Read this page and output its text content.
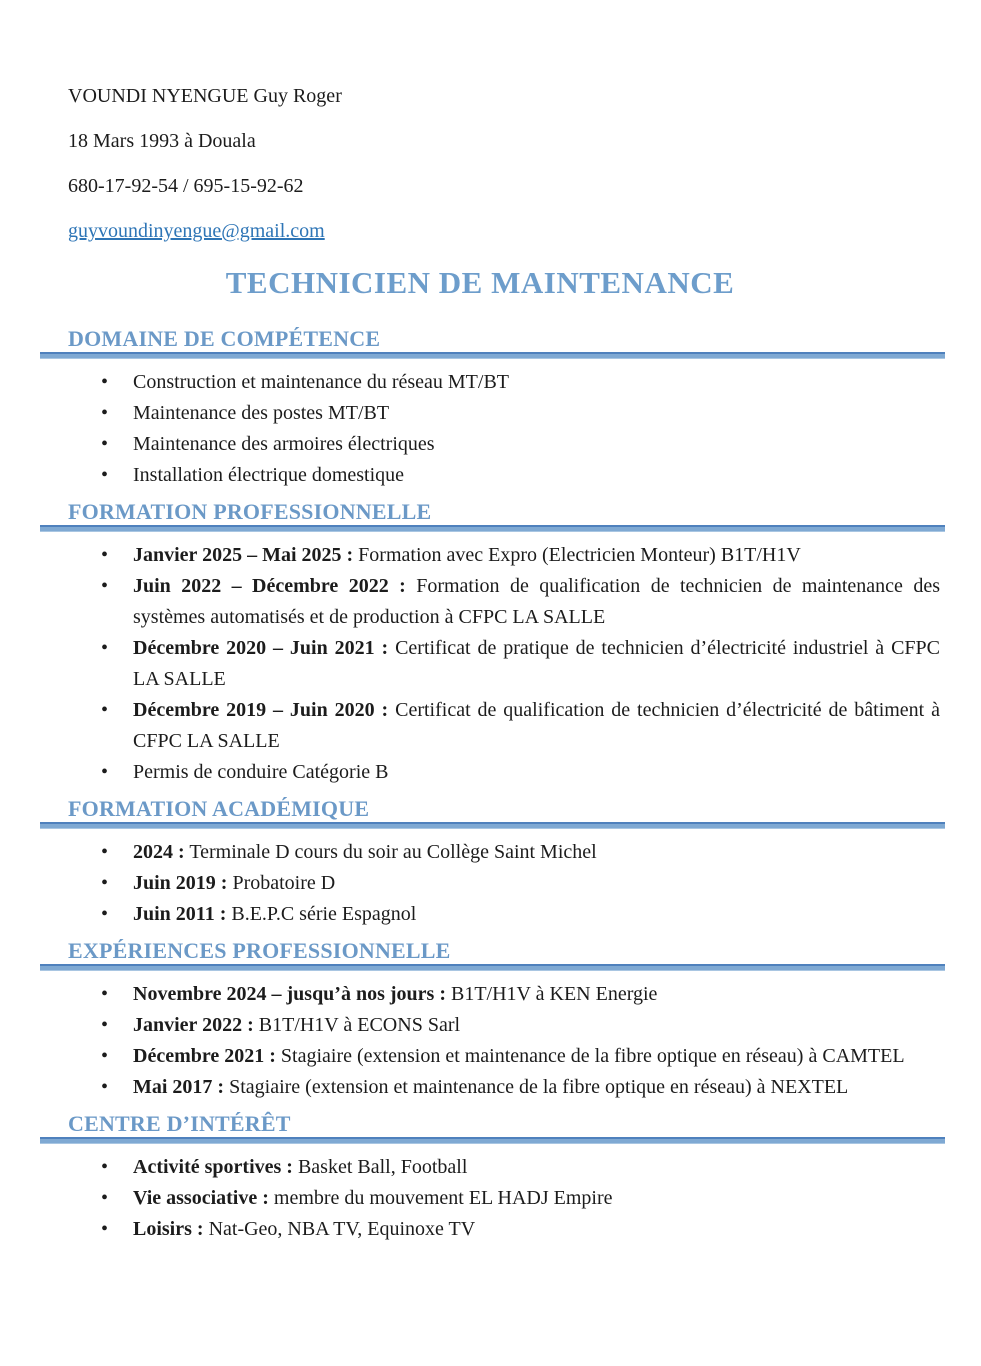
VOUNDI NYENGUE Guy Roger

18 Mars 1993 à Douala

680-17-92-54 / 695-15-92-62

guyvoundinyengue@gmail.com

TECHNICIEN DE MAINTENANCE
DOMAINE DE COMPÉTENCE
• Construction et maintenance du réseau MT/BT
• Maintenance des postes MT/BT
• Maintenance des armoires électriques
• Installation électrique domestique
FORMATION PROFESSIONNELLE
• Janvier 2025 – Mai 2025 : Formation avec Expro (Electricien Monteur) B1T/H1V
• Juin 2022 – Décembre 2022 : Formation de qualification de technicien de maintenance des systèmes automatisés et de production à CFPC LA SALLE
• Décembre 2020 – Juin 2021 : Certificat de pratique de technicien d’électricité industriel à CFPC LA SALLE
• Décembre 2019 – Juin 2020 : Certificat de qualification de technicien d’électricité de bâtiment à CFPC LA SALLE
• Permis de conduire Catégorie B
FORMATION ACADÉMIQUE
• 2024 : Terminale D cours du soir au Collège Saint Michel
• Juin 2019 : Probatoire D
• Juin 2011 : B.E.P.C série Espagnol
EXPÉRIENCES PROFESSIONNELLE
• Novembre 2024 – jusqu’à nos jours : B1T/H1V à KEN Energie
• Janvier 2022 : B1T/H1V à ECONS Sarl
• Décembre 2021 : Stagiaire (extension et maintenance de la fibre optique en réseau) à CAMTEL
• Mai 2017 : Stagiaire (extension et maintenance de la fibre optique en réseau) à NEXTEL
CENTRE D’INTÉRÊT
• Activité sportives : Basket Ball, Football
• Vie associative : membre du mouvement EL HADJ Empire
• Loisirs : Nat-Geo, NBA TV, Equinoxe TV
